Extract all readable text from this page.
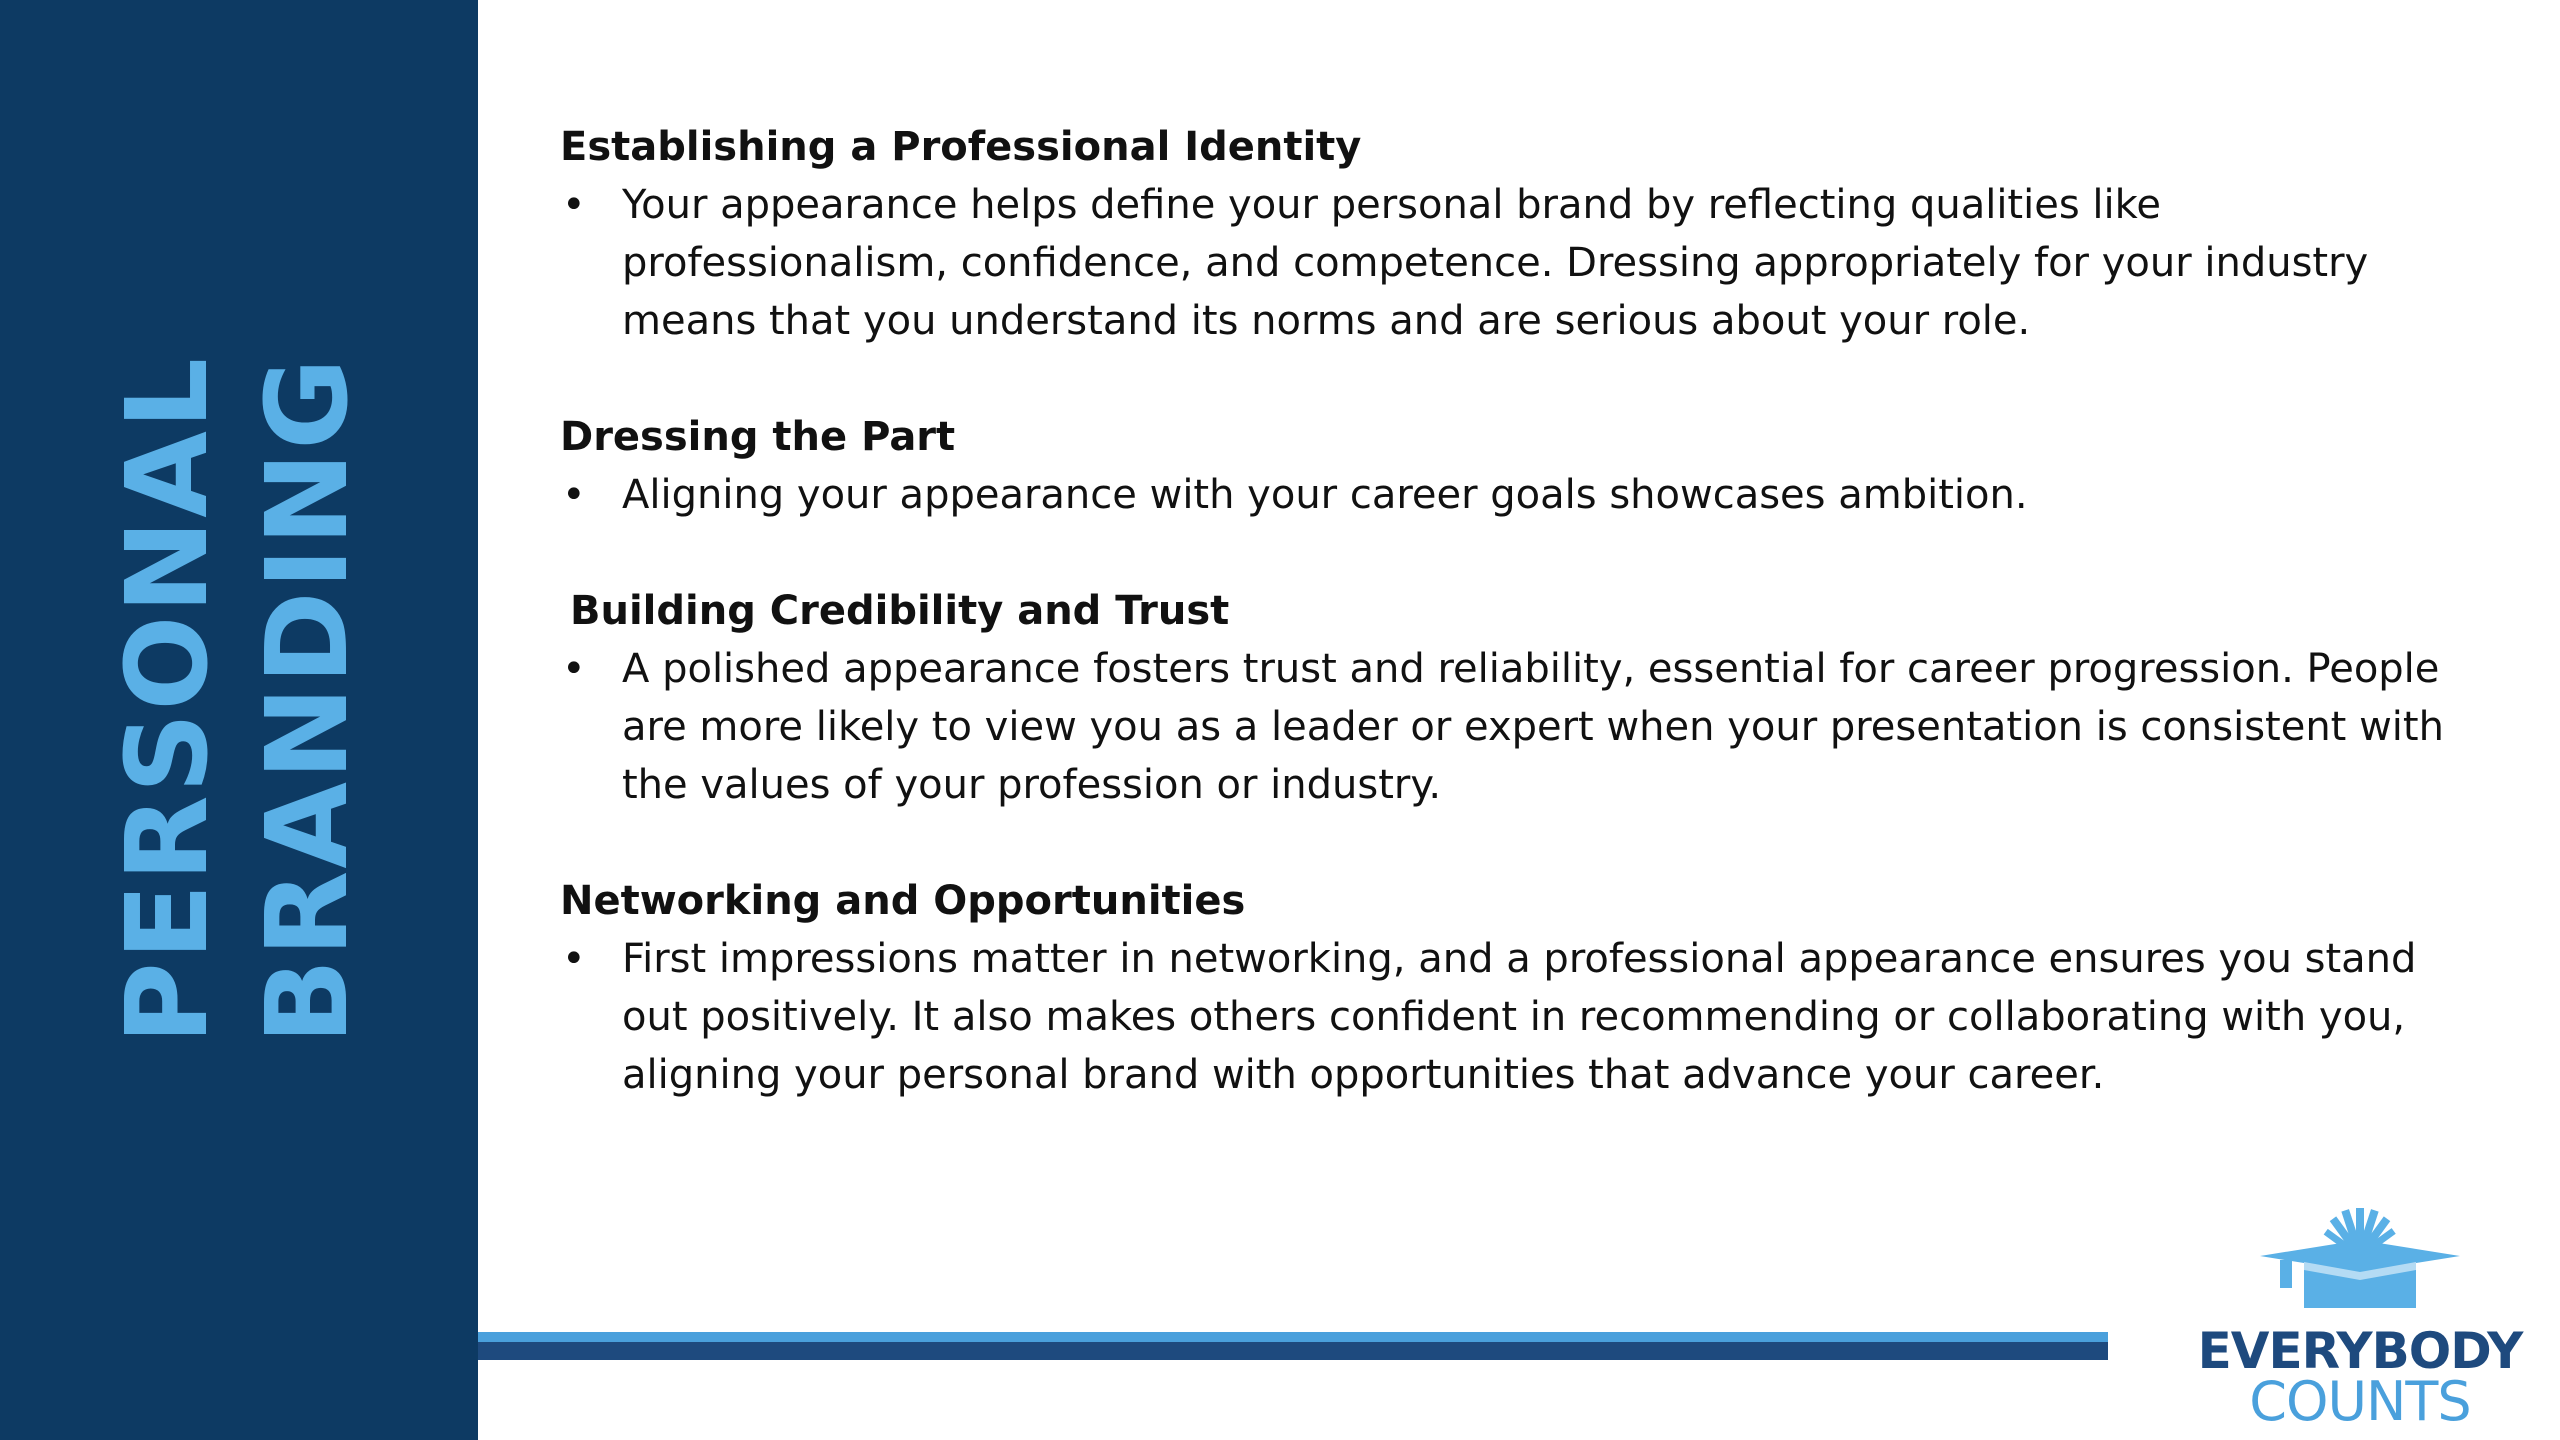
PERSONAL BRANDING

Establishing a Professional Identity

• Your appearance helps define your personal brand by reflecting qualities like professionalism, confidence, and competence. Dressing appropriately for your industry means that you understand its norms and are serious about your role.

Dressing the Part

• Aligning your appearance with your career goals showcases ambition.

Building Credibility and Trust

• A polished appearance fosters trust and reliability, essential for career progression. People are more likely to view you as a leader or expert when your presentation is consistent with the values of your profession or industry.

Networking and Opportunities

• First impressions matter in networking, and a professional appearance ensures you stand out positively. It also makes others confident in recommending or collaborating with you, aligning your personal brand with opportunities that advance your career.
EVERYBODY
COUNTS
